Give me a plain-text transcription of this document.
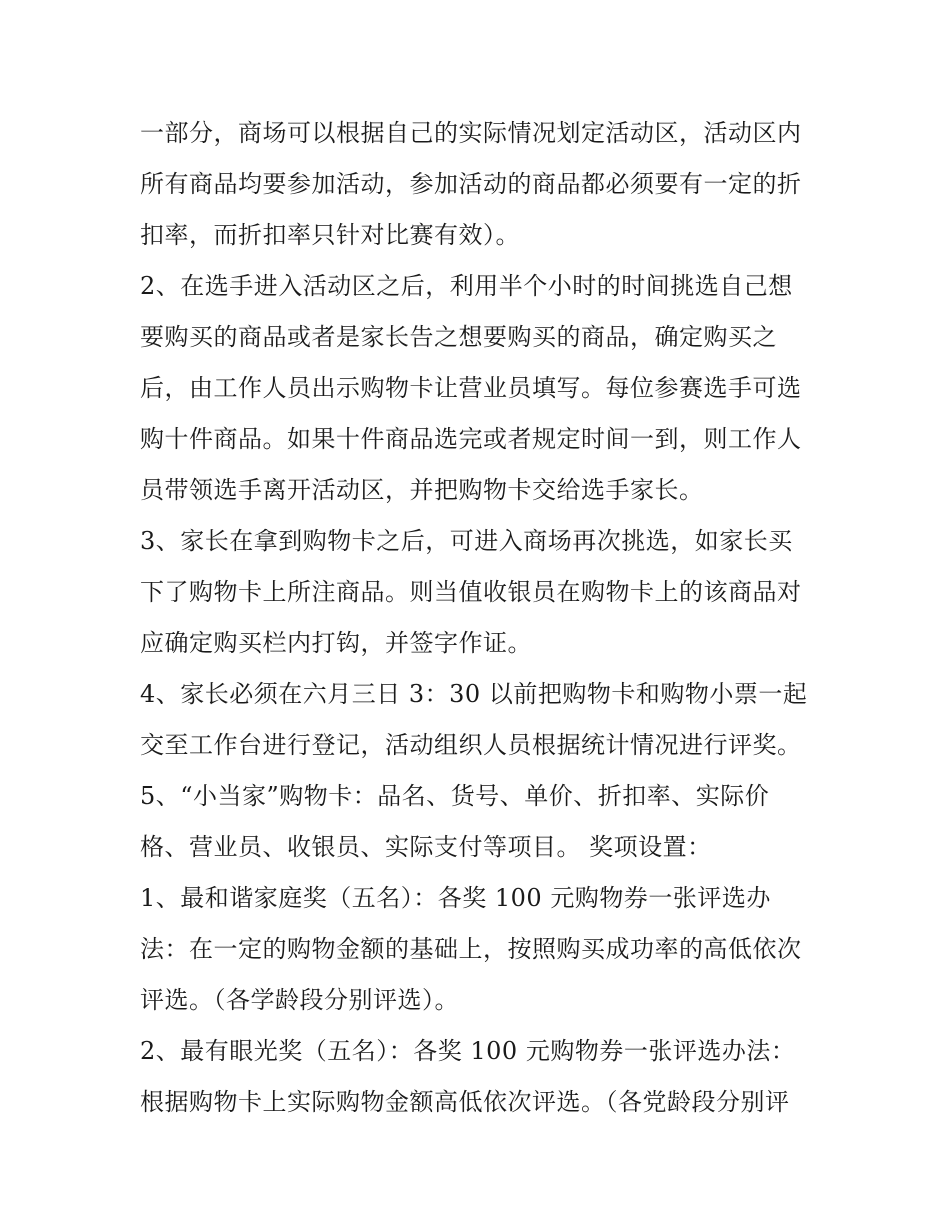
一部分，商场可以根据自己的实际情况划定活动区，活动区内
所有商品均要参加活动，参加活动的商品都必须要有一定的折
扣率，而折扣率只针对比赛有效）。
2、在选手进入活动区之后，利用半个小时的时间挑选自己想
要购买的商品或者是家长告之想要购买的商品，确定购买之
后，由工作人员出示购物卡让营业员填写。每位参赛选手可选
购十件商品。如果十件商品选完或者规定时间一到，则工作人
员带领选手离开活动区，并把购物卡交给选手家长。
3、家长在拿到购物卡之后，可进入商场再次挑选，如家长买
下了购物卡上所注商品。则当值收银员在购物卡上的该商品对
应确定购买栏内打钩，并签字作证。
4、家长必须在六月三日 3：30 以前把购物卡和购物小票一起
交至工作台进行登记，活动组织人员根据统计情况进行评奖。
5、“小当家”购物卡：品名、货号、单价、折扣率、实际价
格、营业员、收银员、实际支付等项目。 奖项设置：
1、最和谐家庭奖（五名）：各奖 100 元购物券一张评选办
法：在一定的购物金额的基础上，按照购买成功率的高低依次
评选。（各学龄段分别评选）。
2、最有眼光奖（五名）：各奖 100 元购物券一张评选办法：
根据购物卡上实际购物金额高低依次评选。（各党龄段分别评
